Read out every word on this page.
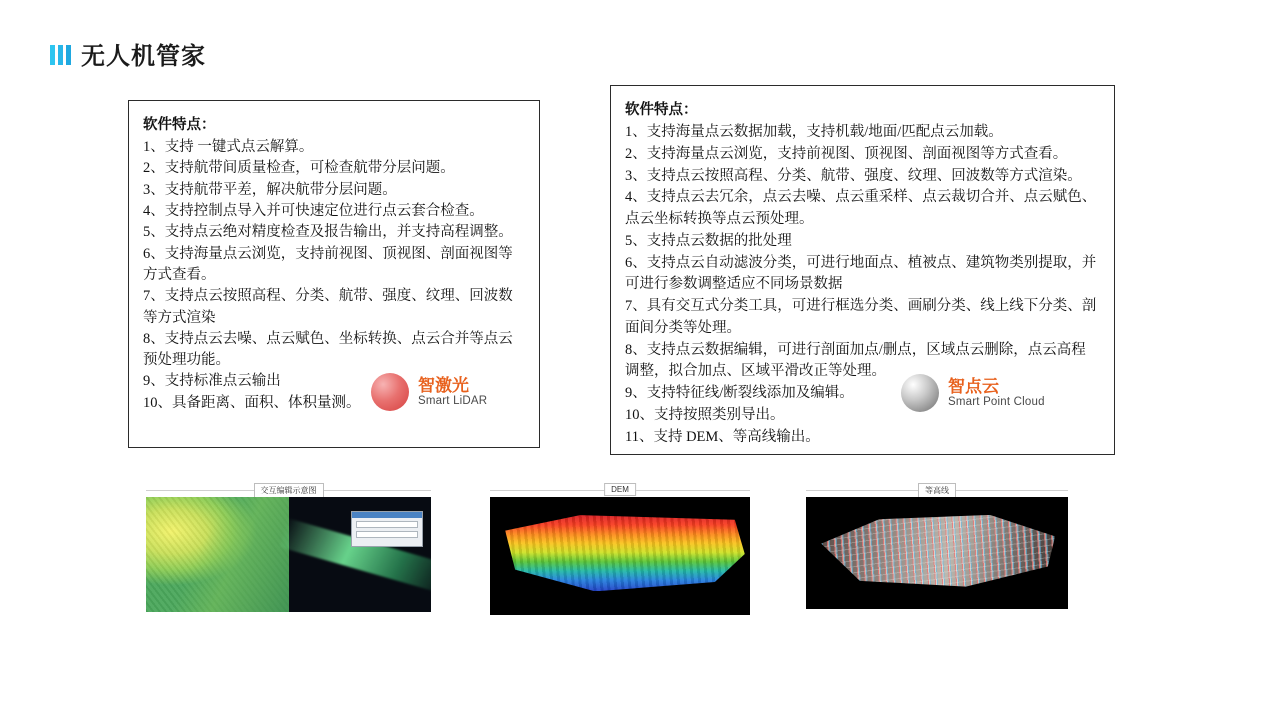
无人机管家
软件特点：
1、支持 一键式点云解算。
2、支持航带间质量检查，可检查航带分层问题。
3、支持航带平差，解决航带分层问题。
4、支持控制点导入并可快速定位进行点云套合检查。
5、支持点云绝对精度检查及报告输出，并支持高程调整。
6、支持海量点云浏览，支持前视图、顶视图、剖面视图等方式查看。
7、支持点云按照高程、分类、航带、强度、纹理、回波数等方式渲染
8、支持点云去噪、点云赋色、坐标转换、点云合并等点云预处理功能。
9、支持标准点云输出
10、具备距离、面积、体积量测。
智激光
Smart LiDAR
软件特点：
1、支持海量点云数据加载，支持机载/地面/匹配点云加载。
2、支持海量点云浏览，支持前视图、顶视图、剖面视图等方式查看。
3、支持点云按照高程、分类、航带、强度、纹理、回波数等方式渲染。
4、支持点云去冗余，点云去噪、点云重采样、点云裁切合并、点云赋色、点云坐标转换等点云预处理。
5、支持点云数据的批处理
6、支持点云自动滤波分类，可进行地面点、植被点、建筑物类别提取，并可进行参数调整适应不同场景数据
7、具有交互式分类工具，可进行框选分类、画刷分类、线上线下分类、剖面间分类等处理。
8、支持点云数据编辑，可进行剖面加点/删点，区域点云删除，点云高程调整，拟合加点、区域平滑改正等处理。
9、支持特征线/断裂线添加及编辑。
10、支持按照类别导出。
11、支持 DEM、等高线输出。
智点云
Smart Point Cloud
交互编辑示意图	DEM	等高线
